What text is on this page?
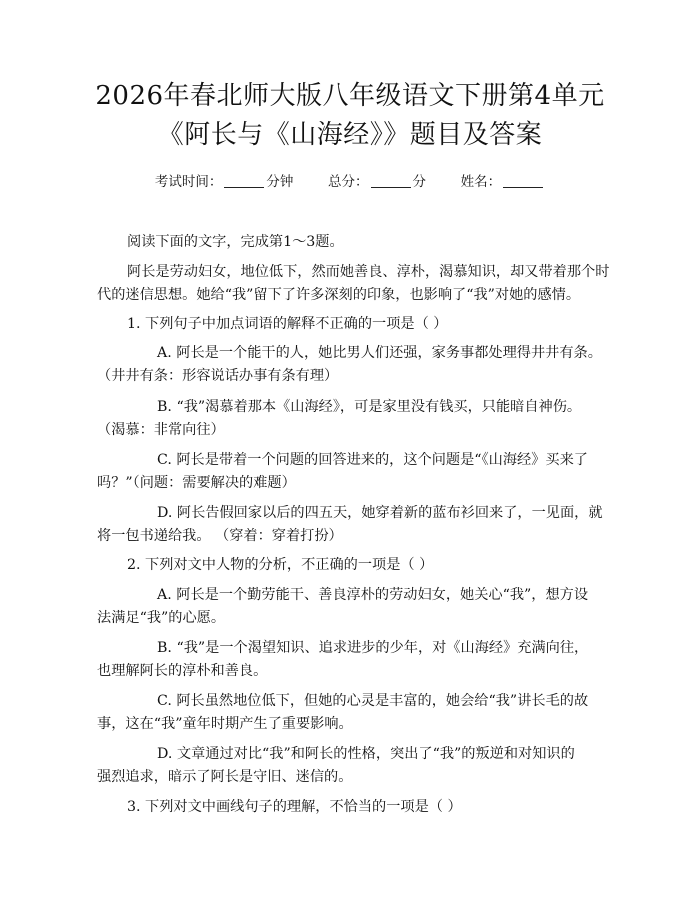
2026年春北师大版八年级语文下册第4单元
《阿长与《山海经》》题目及答案
考试时间：	分钟	总分：	分	姓名：
阅读下面的文字，完成第1～3题。
阿长是劳动妇女，地位低下，然而她善良、淳朴，渴慕知识，却又带着那个时
代的迷信思想。她给“我”留下了许多深刻的印象，也影响了“我”对她的感情。
1. 下列句子中加点词语的解释不正确的一项是（ ）
A. 阿长是一个能干的人，她比男人们还强，家务事都处理得井井有条。
（井井有条：形容说话办事有条有理）
B. “我”渴慕着那本《山海经》，可是家里没有钱买，只能暗自神伤。
（渴慕：非常向往）
C. 阿长是带着一个问题的回答进来的，这个问题是“《山海经》买来了
吗？”（问题：需要解决的难题）
D. 阿长告假回家以后的四五天，她穿着新的蓝布衫回来了，一见面，就
将一包书递给我。 （穿着：穿着打扮）
2. 下列对文中人物的分析，不正确的一项是（ ）
A. 阿长是一个勤劳能干、善良淳朴的劳动妇女，她关心“我”，想方设
法满足“我”的心愿。
B. “我”是一个渴望知识、追求进步的少年，对《山海经》充满向往，
也理解阿长的淳朴和善良。
C. 阿长虽然地位低下，但她的心灵是丰富的，她会给“我”讲长毛的故
事，这在“我”童年时期产生了重要影响。
D. 文章通过对比“我”和阿长的性格，突出了“我”的叛逆和对知识的
强烈追求，暗示了阿长是守旧、迷信的。
3. 下列对文中画线句子的理解，不恰当的一项是（ ）
